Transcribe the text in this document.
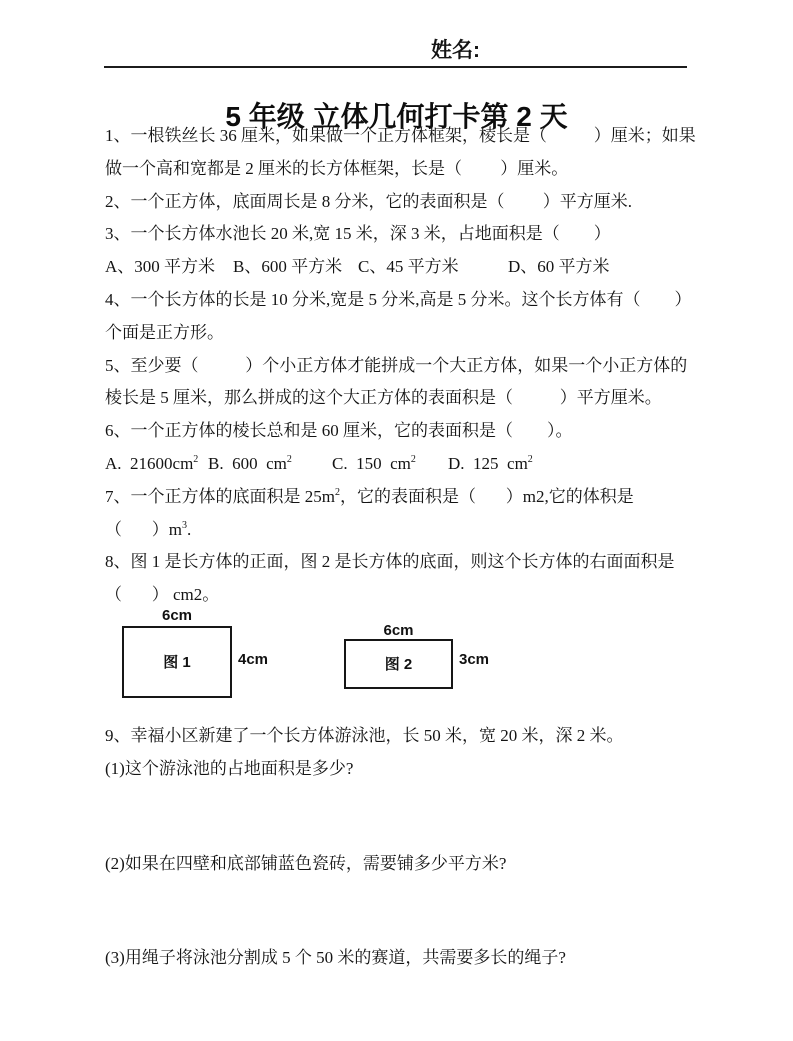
姓名:
5 年级 立体几何打卡第 2 天

1、一根铁丝长 36 厘米，如果做一个正方体框架，棱长是（           ）厘米；如果

做一个高和宽都是 2 厘米的长方体框架，长是（         ）厘米。

2、一个正方体，底面周长是 8 分米，它的表面积是（         ）平方厘米.

3、一个长方体水池长 20 米,宽 15 米，深 3 米，占地面积是（        ）

A、300 平方米 B、600 平方米 C、45 平方米	D、60 平方米

4、一个长方体的长是 10 分米,宽是 5 分米,高是 5 分米。这个长方体有（        ）

个面是正方形。

5、至少要（           ）个小正方体才能拼成一个大正方体，如果一个小正方体的

棱长是 5 厘米，那么拼成的这个大正方体的表面积是（           ）平方厘米。

6、一个正方体的棱长总和是 60 厘米，它的表面积是（        ）。

A.  $21600cm^2$ B.  600  $cm^2$ C.  150  $cm^2$ D.  125  $cm^2$

7、一个正方体的底面积是 $25m^2$，它的表面积是（       ）m2,它的体积是

（       ）$m^3$.

8、图 1 是长方体的正面，图 2 是长方体的底面，则这个长方体的右面面积是

（       ） cm2。

6cm
图 1	4cm
6cm
图 2	3cm

9、幸福小区新建了一个长方体游泳池，长 50 米，宽 20 米，深 2 米。

(1)这个游泳池的占地面积是多少?

(2)如果在四壁和底部铺蓝色瓷砖，需要铺多少平方米?

(3)用绳子将泳池分割成 5 个 50 米的赛道，共需要多长的绳子?
